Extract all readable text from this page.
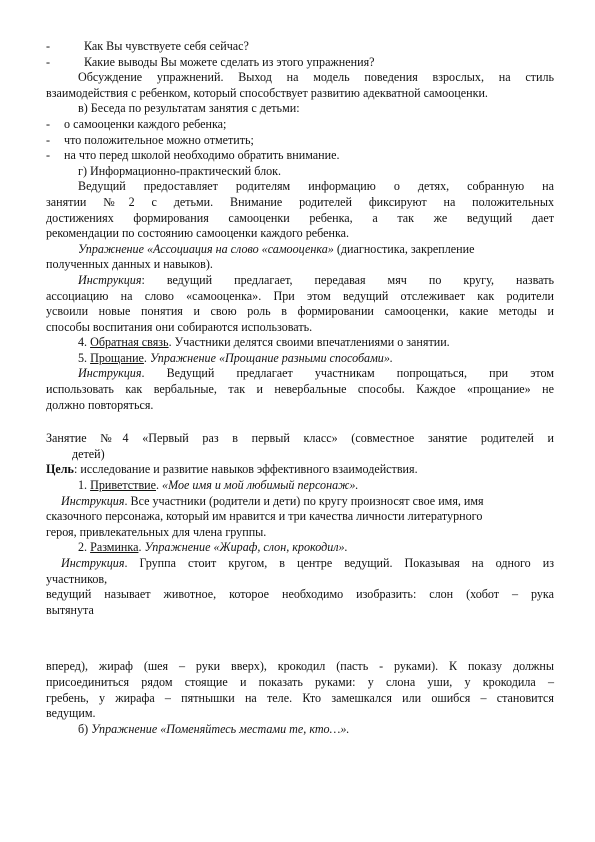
-	Как Вы чувствуете себя сейчас?
-	Какие выводы Вы можете сделать из этого упражнения?
Обсуждение упражнений. Выход на модель поведения взрослых, на стиль
взаимодействия с ребенком, который способствует развитию адекватной самооценки.
в) Беседа по результатам занятия с детьми:
- о самооценки каждого ребенка;
- что положительное можно отметить;
- на что перед школой необходимо обратить внимание.
г) Информационно-практический блок.
Ведущий предоставляет родителям информацию о детях, собранную на
занятии №2 с детьми. Внимание родителей фиксируют на положительных
достижениях формирования самооценки ребенка, а так же ведущий дает
рекомендации по состоянию самооценки каждого ребенка.
Упражнение «Ассоциация на слово «самооценка» (диагностика, закрепление
полученных данных и навыков).
Инструкция: ведущий предлагает, передавая мяч по кругу, назвать
ассоциацию на слово «самооценка». При этом ведущий отслеживает как родители
усвоили новые понятия и свою роль в формировании самооценки, какие методы и
способы воспитания они собираются использовать.
4. Обратная связь. Участники делятся своими впечатлениями о занятии.
5. Прощание. Упражнение «Прощание разными способами».
Инструкция. Ведущий предлагает участникам попрощаться, при этом
использовать как вербальные, так и невербальные способы. Каждое «прощание» не
должно повторяться.
Занятие №4 «Первый раз в первый класс» (совместное занятие родителей и
детей)
Цель: исследование и развитие навыков эффективного взаимодействия.
1. Приветствие. «Мое имя и мой любимый персонаж».
Инструкция. Все участники (родители и дети) по кругу произносят свое имя, имя
сказочного персонажа, который им нравится и три качества личности литературного
героя, привлекательных для члена группы.
2. Разминка. Упражнение «Жираф, слон, крокодил».
Инструкция. Группа стоит кругом, в центре ведущий. Показывая на одного из
участников,
ведущий называет животное, которое необходимо изобразить: слон (хобот – рука
вытянута
вперед), жираф (шея – руки вверх), крокодил (пасть - руками). К показу должны
присоединиться рядом стоящие и показать руками: у слона уши, у крокодила –
гребень, у жирафа – пятнышки на теле. Кто замешкался или ошибся – становится
ведущим.
б) Упражнение «Поменяйтесь местами те, кто…».
